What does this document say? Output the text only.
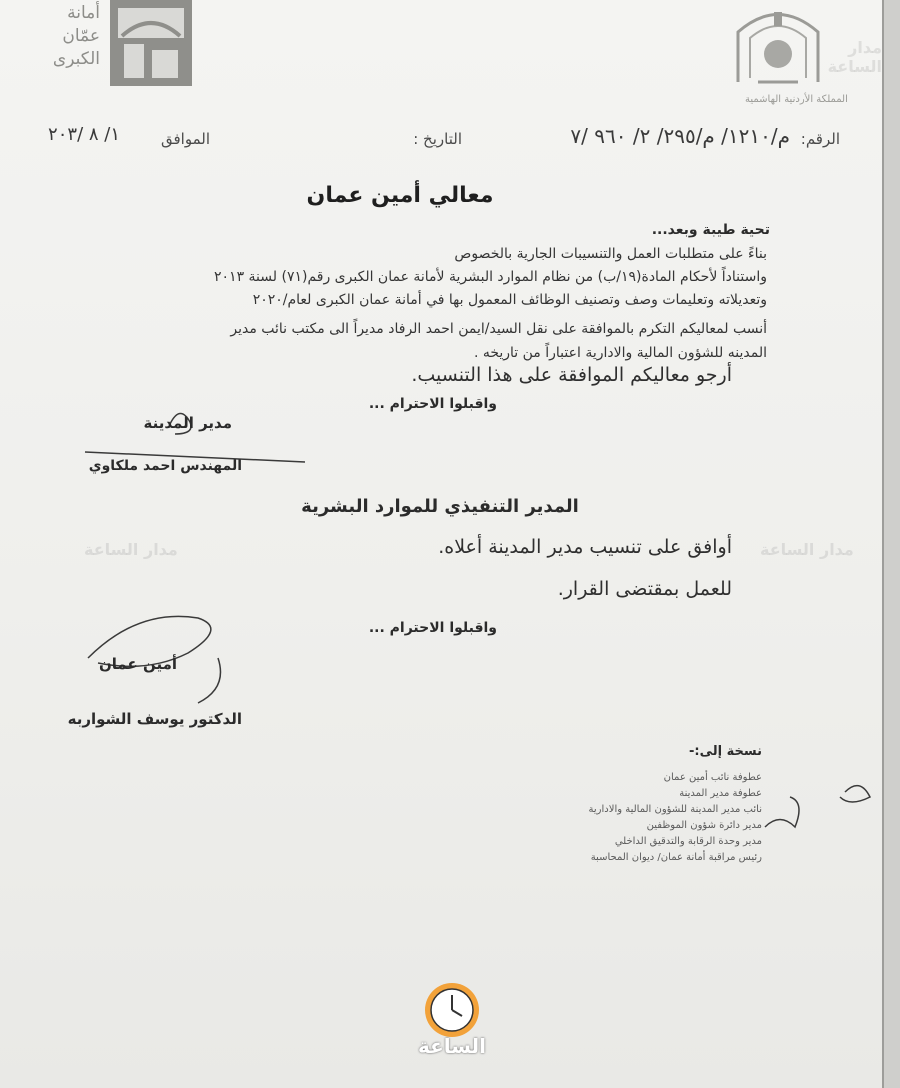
أمانة
عمّان
الكبرى
المملكة الأردنية الهاشمية
الرقم:
م/١٢١٠/ م/٢٩٥/ ٢/ ٩٦٠ /٧
التاريخ :
الموافق
١/ ٨ /٢٠٣
معالي أمين عمان
تحية طيبة وبعد...
بناءً على متطلبات العمل والتنسيبات الجارية بالخصوص
واستناداً لأحكام المادة(١٩/ب) من نظام الموارد البشرية لأمانة عمان الكبرى رقم(٧١) لسنة ٢٠١٣
وتعديلاته وتعليمات وصف وتصنيف الوظائف المعمول بها في أمانة عمان الكبرى لعام/٢٠٢٠
أنسب لمعاليكم التكرم بالموافقة على نقل السيد/ايمن احمد الرفاد مديراً الى مكتب نائب مدير
المدينه للشؤون المالية والادارية اعتباراً من تاريخه .
أرجو معاليكم الموافقة على هذا التنسيب.
واقبلوا الاحترام ...
مدير المدينة
المهندس احمد ملكاوي
المدير التنفيذي للموارد البشرية
أوافق على تنسيب مدير المدينة أعلاه.
للعمل بمقتضى القرار.
واقبلوا الاحترام ...
أمين عمان
الدكتور يوسف الشواربه
نسخة إلى:-
عطوفة نائب أمين عمان
عطوفة مدير المدينة
نائب مدير المدينة للشؤون المالية والادارية
مدير دائرة شؤون الموظفين
مدير وحدة الرقابة والتدقيق الداخلي
رئيس مراقبة أمانة عمان/ ديوان المحاسبة
مدار الساعة	مدار الساعة
مدار الساعة
الساعة
